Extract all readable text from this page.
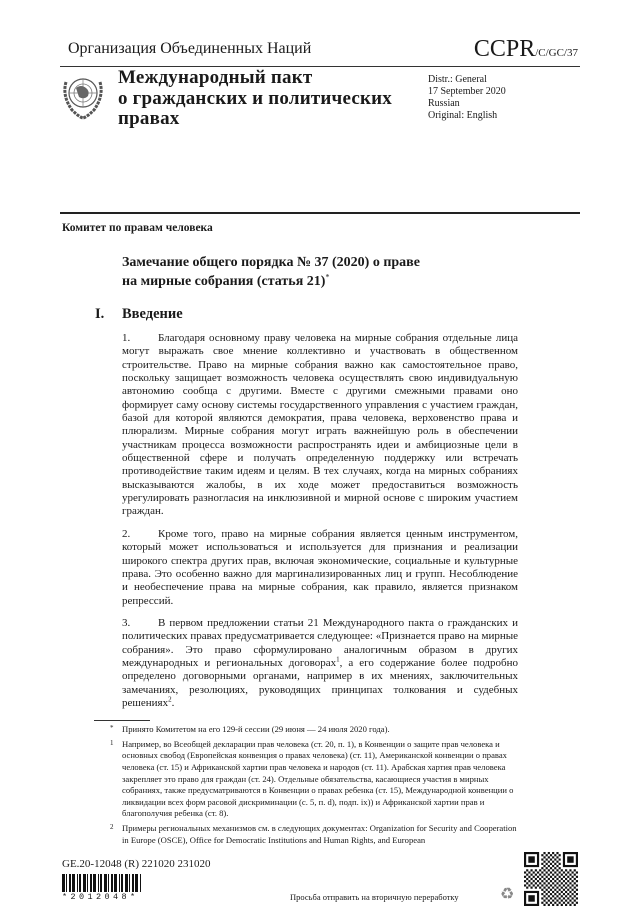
Организация Объединенных Наций	CCPR/C/GC/37
Международный пакт
о гражданских и политических
правах
Distr.: General
17 September 2020
Russian
Original: English
Комитет по правам человека
Замечание общего порядка № 37 (2020) о праве
на мирные собрания (статья 21)*
I.	Введение

1.	Благодаря основному праву человека на мирные собрания отдельные лица могут выражать свое мнение коллективно и участвовать в общественном строительстве. Право на мирные собрания важно как самостоятельное право, поскольку защищает возможность человека осуществлять свою индивидуальную автономию сообща с другими. Вместе с другими смежными правами оно формирует саму основу системы государственного управления с участием граждан, базой для которой являются демократия, права человека, верховенство права и плюрализм. Мирные собрания могут играть важнейшую роль в обеспечении участникам процесса возможности распространять идеи и амбициозные цели в общественной сфере и получать определенную поддержку или встречать противодействие таким идеям и целям. В тех случаях, когда на мирных собраниях высказываются жалобы, в их ходе может предоставиться возможность урегулировать разногласия на инклюзивной и мирной основе с широким участием граждан.

2.	Кроме того, право на мирные собрания является ценным инструментом, который может использоваться и используется для признания и реализации широкого спектра других прав, включая экономические, социальные и культурные права. Это особенно важно для маргинализированных лиц и групп. Несоблюдение и необеспечение права на мирные собрания, как правило, является признаком репрессий.

3.	В первом предложении статьи 21 Международного пакта о гражданских и политических правах предусматривается следующее: «Признается право на мирные собрания». Это право сформулировано аналогичным образом в других международных и региональных договорах$^1$, а его содержание более подробно определено договорными органами, например в их мнениях, заключительных замечаниях, резолюциях, руководящих принципах толкования и судебных решениях$^2$.

* Принято Комитетом на его 129-й сессии (29 июня — 24 июля 2020 года).
1 Например, во Всеобщей декларации прав человека (ст. 20, п. 1), в Конвенции о защите прав человека и основных свобод (Европейская конвенция о правах человека) (ст. 11), Американской конвенции о правах человека (ст. 15) и Африканской хартии прав человека и народов (ст. 11). Арабская хартия прав человека закрепляет это право для граждан (ст. 24). Отдельные обязательства, касающиеся участия в мирных собраниях, также предусматриваются в Конвенции о правах ребенка (ст. 15), Международной конвенции о ликвидации всех форм расовой дискриминации (с. 5, п. d), подп. ix)) и Африканской хартии прав и благополучия ребенка (ст. 8).
2 Примеры региональных механизмов см. в следующих документах: Organization for Security and Cooperation in Europe (OSCE), Office for Democratic Institutions and Human Rights, and European
GE.20-12048 (R) 221020 231020
*2012048*	Просьба отправить на вторичную переработку	♻
